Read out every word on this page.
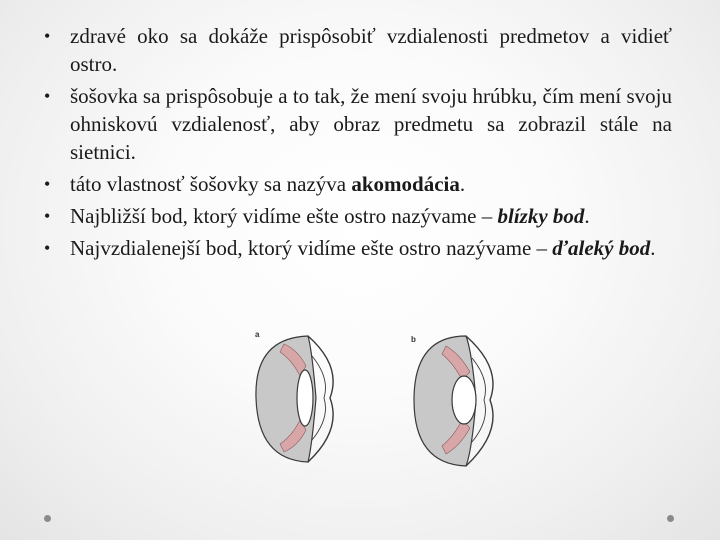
• zdravé oko sa dokáže prispôsobiť vzdialenosti predmetov a vidieť ostro.
• šošovka sa prispôsobuje a to tak, že mení svoju hrúbku, čím mení svoju ohniskovú vzdialenosť, aby obraz predmetu sa zobrazil stále na sietnici.
• táto vlastnosť šošovky sa nazýva akomodácia.
• Najbližší bod, ktorý vidíme ešte ostro nazývame – blízky bod.
• Najvzdialenejší bod, ktorý vidíme ešte ostro nazývame – ďaleký bod.
a
b
